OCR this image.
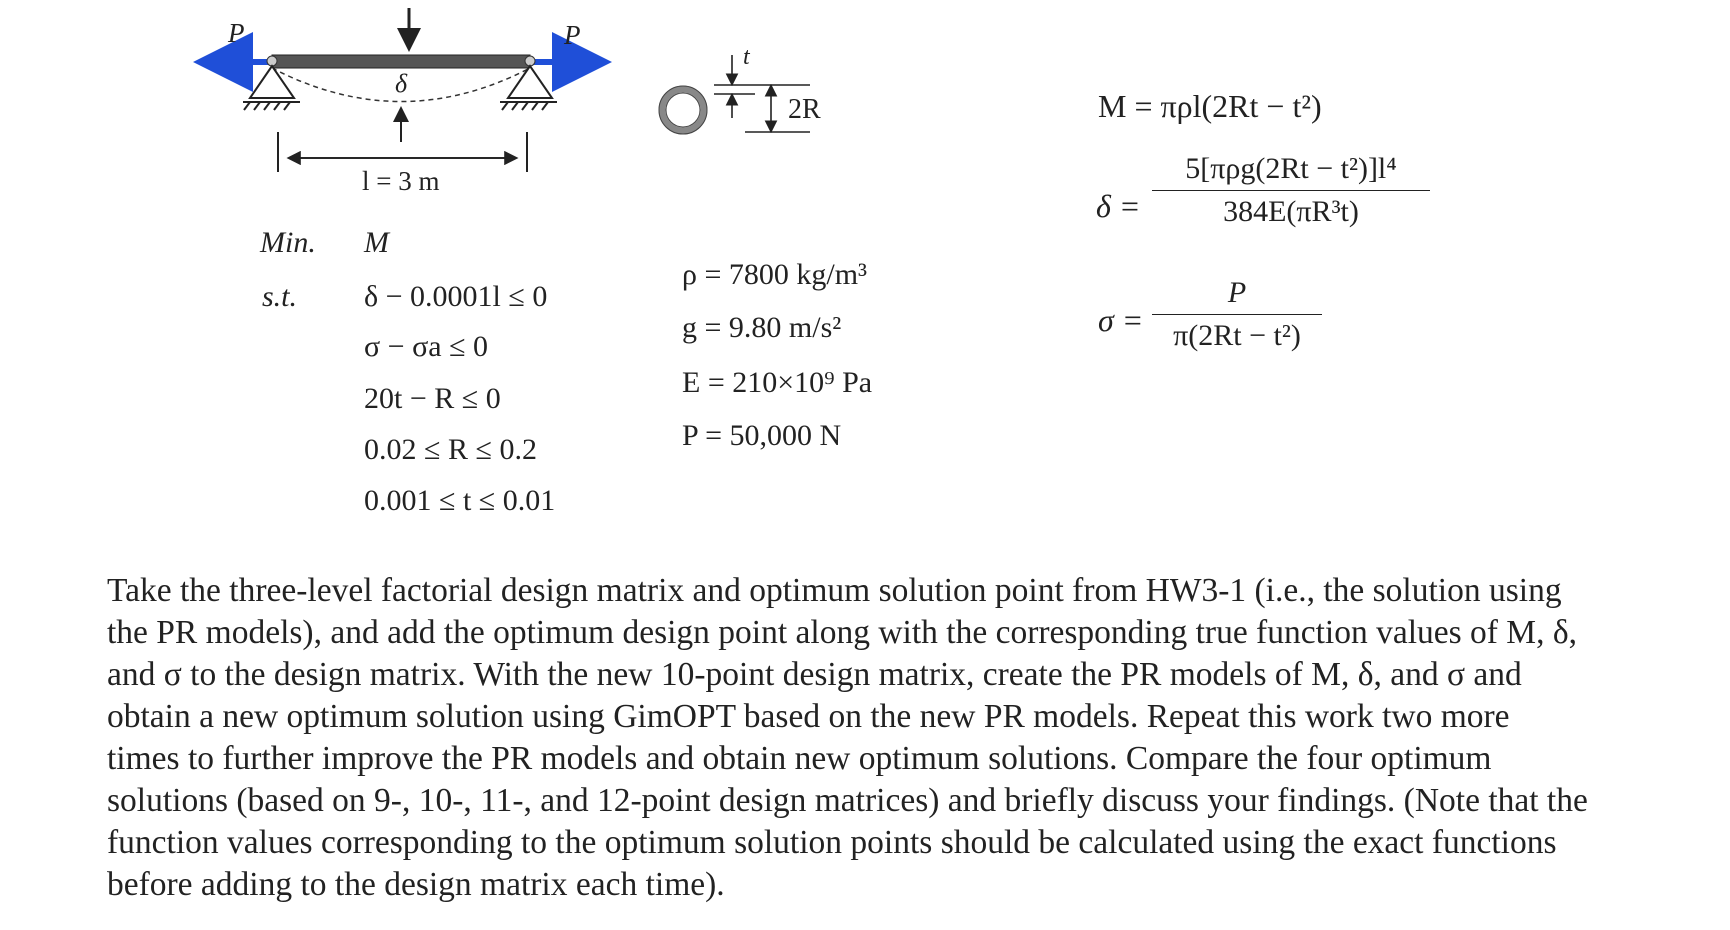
P	P
δ
l = 3 m
t
2R
Min. M
s.t. δ − 0.0001l ≤ 0
σ − σa ≤ 0
20t − R ≤ 0
0.02 ≤ R ≤ 0.2
0.001 ≤ t ≤ 0.01
ρ = 7800 kg/m³
g = 9.80 m/s²
E = 210×10⁹ Pa
P = 50,000 N
M = πρl(2Rt − t²)
δ =
5[πρg(2Rt − t²)]l⁴
384E(πR³t)
σ =
P
π(2Rt − t²)
Take the three-level factorial design matrix and optimum solution point from HW3-1 (i.e., the solution using
the PR models), and add the optimum design point along with the corresponding true function values of M, δ,
and σ to the design matrix. With the new 10-point design matrix, create the PR models of M, δ, and σ and
obtain a new optimum solution using GimOPT based on the new PR models. Repeat this work two more
times to further improve the PR models and obtain new optimum solutions. Compare the four optimum
solutions (based on 9-, 10-, 11-, and 12-point design matrices) and briefly discuss your findings. (Note that the
function values corresponding to the optimum solution points should be calculated using the exact functions
before adding to the design matrix each time).
